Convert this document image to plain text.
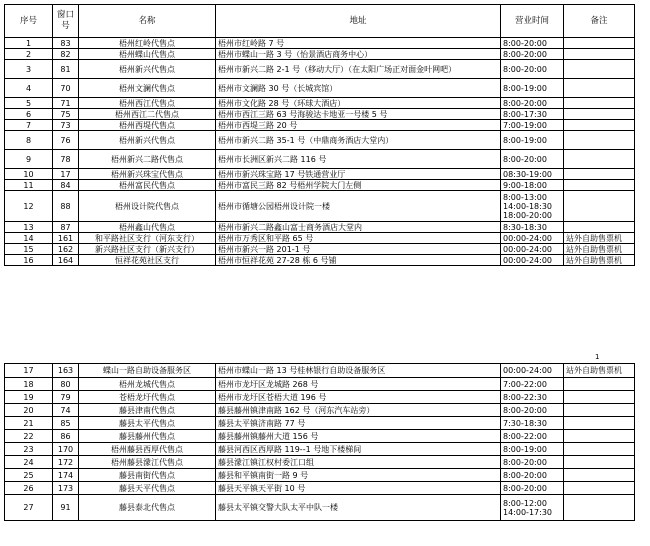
序号	窗口号	名称	地址	营业时间	备注
1	83	梧州红岭代售点	梧州市红岭路 7 号	8:00-20:00	

2	82	梧州蝶山代售点	梧州市蝶山一路 3 号（怡景酒店商务中心）	8:00-20:00	

3	81	梧州新兴代售点	梧州市新兴二路 2-1 号（移动大厅）（在太阳广场正对面金叶网吧）	8:00-20:00	

4	70	梧州文澜代售点	梧州市文澜路 30 号（长城宾馆）	8:00-19:00	

5	71	梧州西江代售点	梧州市文化路 28 号（环球大酒店）	8:00-20:00	

6	75	梧州西江二代售点	梧州市西江三路 63 号海骏达卡地亚一号楼 5 号	8:00-17:30	

7	73	梧州西堤代售点	梧州市西堤三路 20 号	7:00-19:00	

8	76	梧州新兴代售点	梧州市新兴二路 35-1 号（中鼎商务酒店大堂内）	8:00-19:00	

9	78	梧州新兴二路代售点	梧州市长洲区新兴二路 116 号	8:00-20:00	

10	17	梧州新兴珠宝代售点	梧州市新兴珠宝路 17 号铁通营业厅	08:30-19:00	

11	84	梧州富民代售点	梧州市富民三路 82 号梧州学院大门左侧	9:00-18:00	

12	88	梧州设计院代售点	梧州市循塘公园梧州设计院一楼	8:00-13:00
14:00-18:30
18:00-20:00	

13	87	梧州鑫山代售点	梧州市新兴二路鑫山富士商务酒店大堂内	8:30-18:30	

14	161	和平路社区支行（河东支行）	梧州市万秀区和平路 65 号	00:00-24:00	站外自助售票机
15	162	新兴路社区支行（新兴支行）	梧州市新兴一路 201-1 号	00:00-24:00	站外自助售票机
16	164	恒祥花苑社区支行	梧州市恒祥花苑 27-28 栋 6 号铺	00:00-24:00	站外自助售票机
1
17	163	蝶山一路自助设备服务区	梧州市蝶山一路 13 号桂林银行自助设备服务区	00:00-24:00	站外自助售票机
18	80	梧州龙城代售点	梧州市龙圩区龙城路 268 号	7:00-22:00	

19	79	苍梧龙圩代售点	梧州市龙圩区苍梧大道 196 号	8:00-22:30	

20	74	藤县津南代售点	藤县藤州镇津南路 162 号（河东汽车站旁）	8:00-20:00	

21	85	藤县太平代售点	藤县太平镇济南路 77 号	7:30-18:30	

22	86	藤县藤州代售点	藤县藤州镇藤州大道 156 号	8:00-22:00	

23	170	梧州藤县西厚代售点	藤县河西区西厚路 119--1 号地下楼梯间	8:00-19:00	

24	172	梧州藤县濛江代售点	藤县濛江镇江权村委江口组	8:00-20:00	

25	174	藤县南街代售点	藤县和平镇南街一路 9 号	8:00-20:00	

26	173	藤县天平代售点	藤县天平镇天平街 10 号	8:00-20:00	

27	91	藤县泰北代售点	藤县太平镇交警大队太平中队一楼	8:00-12:00
14:00-17:30	
